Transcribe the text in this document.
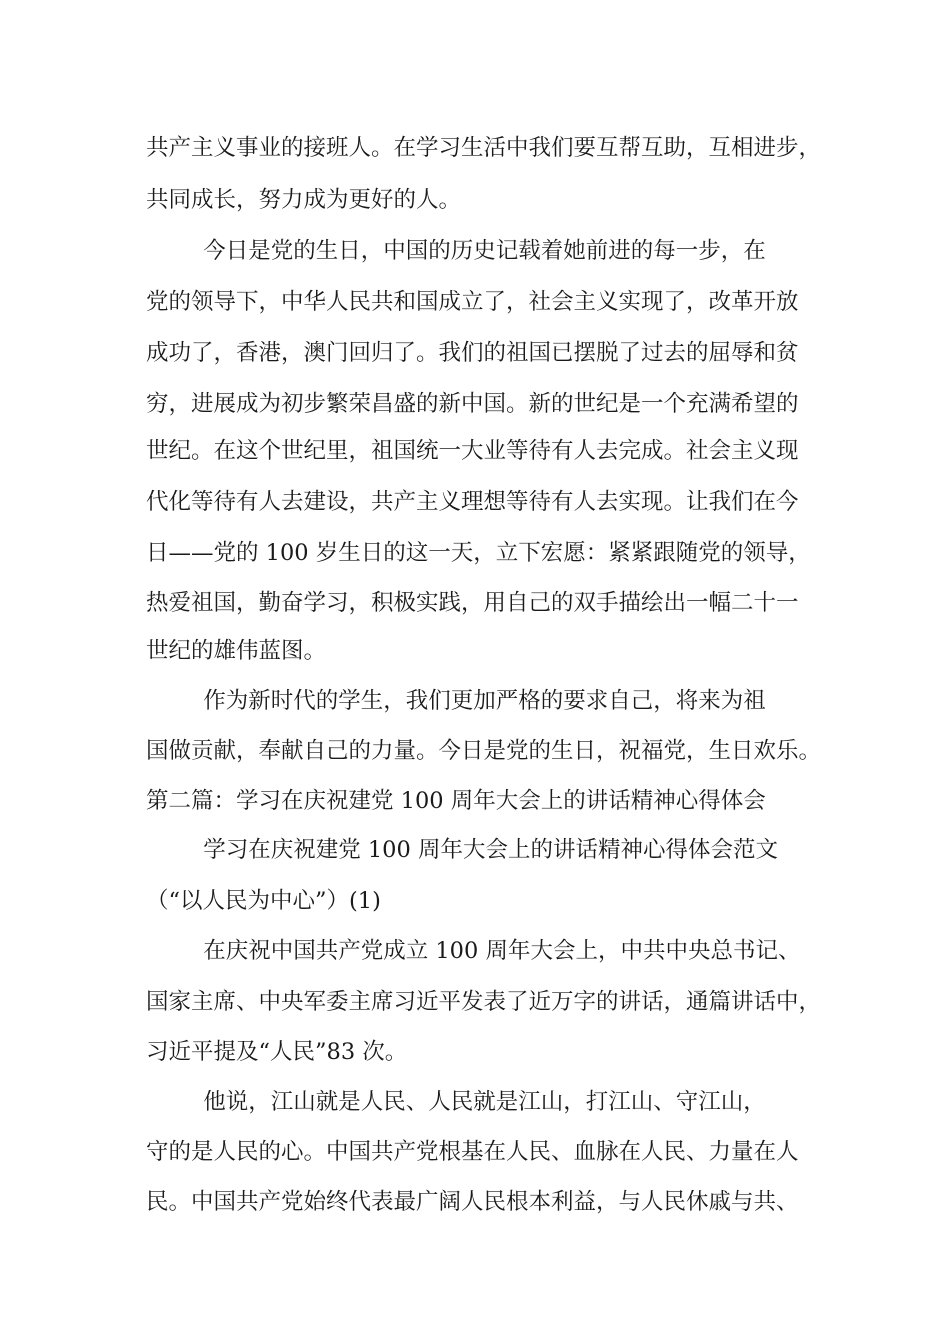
共产主义事业的接班人。在学习生活中我们要互帮互助，互相进步，
共同成长，努力成为更好的人。
今日是党的生日，中国的历史记载着她前进的每一步，在
党的领导下，中华人民共和国成立了，社会主义实现了，改革开放
成功了，香港，澳门回归了。我们的祖国已摆脱了过去的屈辱和贫
穷，进展成为初步繁荣昌盛的新中国。新的世纪是一个充满希望的
世纪。在这个世纪里，祖国统一大业等待有人去完成。社会主义现
代化等待有人去建设，共产主义理想等待有人去实现。让我们在今
日——党的 100 岁生日的这一天，立下宏愿：紧紧跟随党的领导，
热爱祖国，勤奋学习，积极实践，用自己的双手描绘出一幅二十一
世纪的雄伟蓝图。
作为新时代的学生，我们更加严格的要求自己，将来为祖
国做贡献，奉献自己的力量。今日是党的生日，祝福党，生日欢乐。
第二篇：学习在庆祝建党 100 周年大会上的讲话精神心得体会
学习在庆祝建党 100 周年大会上的讲话精神心得体会范文
（“以人民为中心”）(1)
在庆祝中国共产党成立 100 周年大会上，中共中央总书记、
国家主席、中央军委主席习近平发表了近万字的讲话，通篇讲话中，
习近平提及“人民”83 次。
他说，江山就是人民、人民就是江山，打江山、守江山，
守的是人民的心。中国共产党根基在人民、血脉在人民、力量在人
民。中国共产党始终代表最广阔人民根本利益，与人民休戚与共、
